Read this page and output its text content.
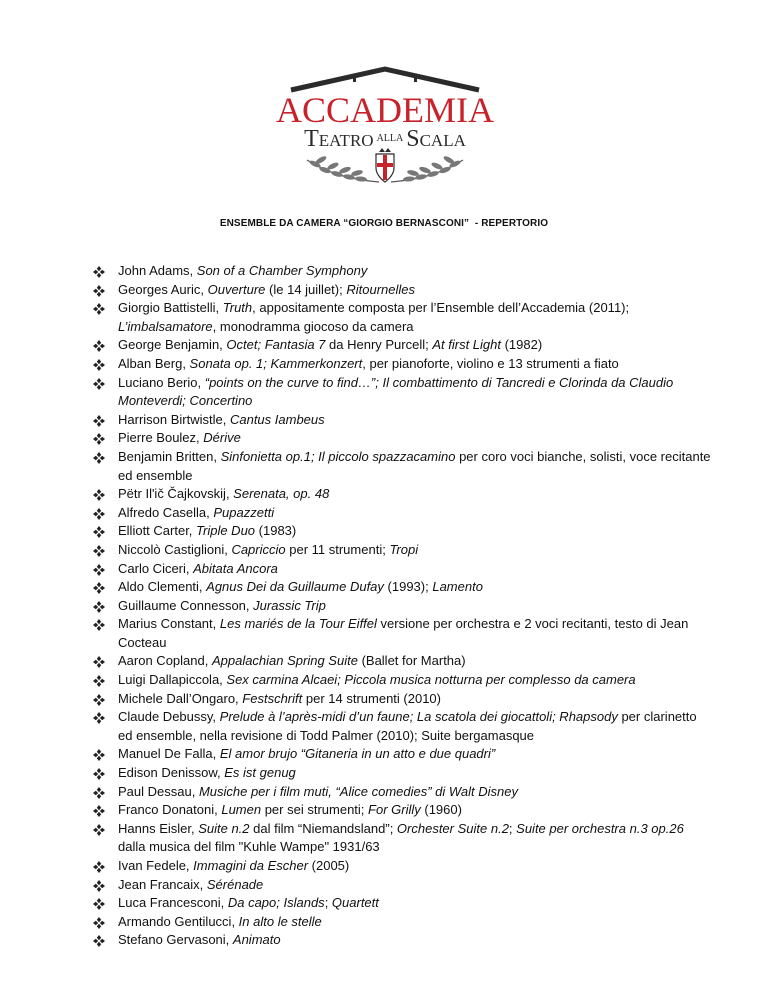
ACCADEMIA
TEATRO $^{ALLA}$ SCALA
ENSEMBLE DA CAMERA “GIORGIO BERNASCONI”  - REPERTORIO
John Adams, Son of a Chamber Symphony
Georges Auric, Ouverture (le 14 juillet); Ritournelles
Giorgio Battistelli, Truth, appositamente composta per l’Ensemble dell’Accademia (2011); L’imbalsamatore, monodramma giocoso da camera
George Benjamin, Octet; Fantasia 7 da Henry Purcell; At first Light (1982)
Alban Berg, Sonata op. 1; Kammerkonzert, per pianoforte, violino e 13 strumenti a fiato
Luciano Berio, “points on the curve to find…”; Il combattimento di Tancredi e Clorinda da Claudio Monteverdi; Concertino
Harrison Birtwistle, Cantus Iambeus
Pierre Boulez, Dérive
Benjamin Britten, Sinfonietta op.1; Il piccolo spazzacamino per coro voci bianche, solisti, voce recitante ed ensemble
Pëtr Il'ič Čajkovskij, Serenata, op. 48
Alfredo Casella, Pupazzetti
Elliott Carter, Triple Duo (1983)
Niccolò Castiglioni, Capriccio per 11 strumenti; Tropi
Carlo Ciceri, Abitata Ancora
Aldo Clementi, Agnus Dei da Guillaume Dufay (1993); Lamento
Guillaume Connesson, Jurassic Trip
Marius Constant, Les mariés de la Tour Eiffel versione per orchestra e 2 voci recitanti, testo di Jean Cocteau
Aaron Copland, Appalachian Spring Suite (Ballet for Martha)
Luigi Dallapiccola, Sex carmina Alcaei; Piccola musica notturna per complesso da camera
Michele Dall’Ongaro, Festschrift per 14 strumenti (2010)
Claude Debussy, Prelude à l’après-midi d’un faune; La scatola dei giocattoli; Rhapsody per clarinetto ed ensemble, nella revisione di Todd Palmer (2010); Suite bergamasque
Manuel De Falla, El amor brujo “Gitaneria in un atto e due quadri”
Edison Denissow, Es ist genug
Paul Dessau, Musiche per i film muti, “Alice comedies” di Walt Disney
Franco Donatoni, Lumen per sei strumenti; For Grilly (1960)
Hanns Eisler, Suite n.2 dal film “Niemandsland”; Orchester Suite n.2; Suite per orchestra n.3 op.26 dalla musica del film "Kuhle Wampe" 1931/63
Ivan Fedele, Immagini da Escher (2005)
Jean Francaix, Sérénade
Luca Francesconi, Da capo; Islands; Quartett
Armando Gentilucci, In alto le stelle
Stefano Gervasoni, Animato
